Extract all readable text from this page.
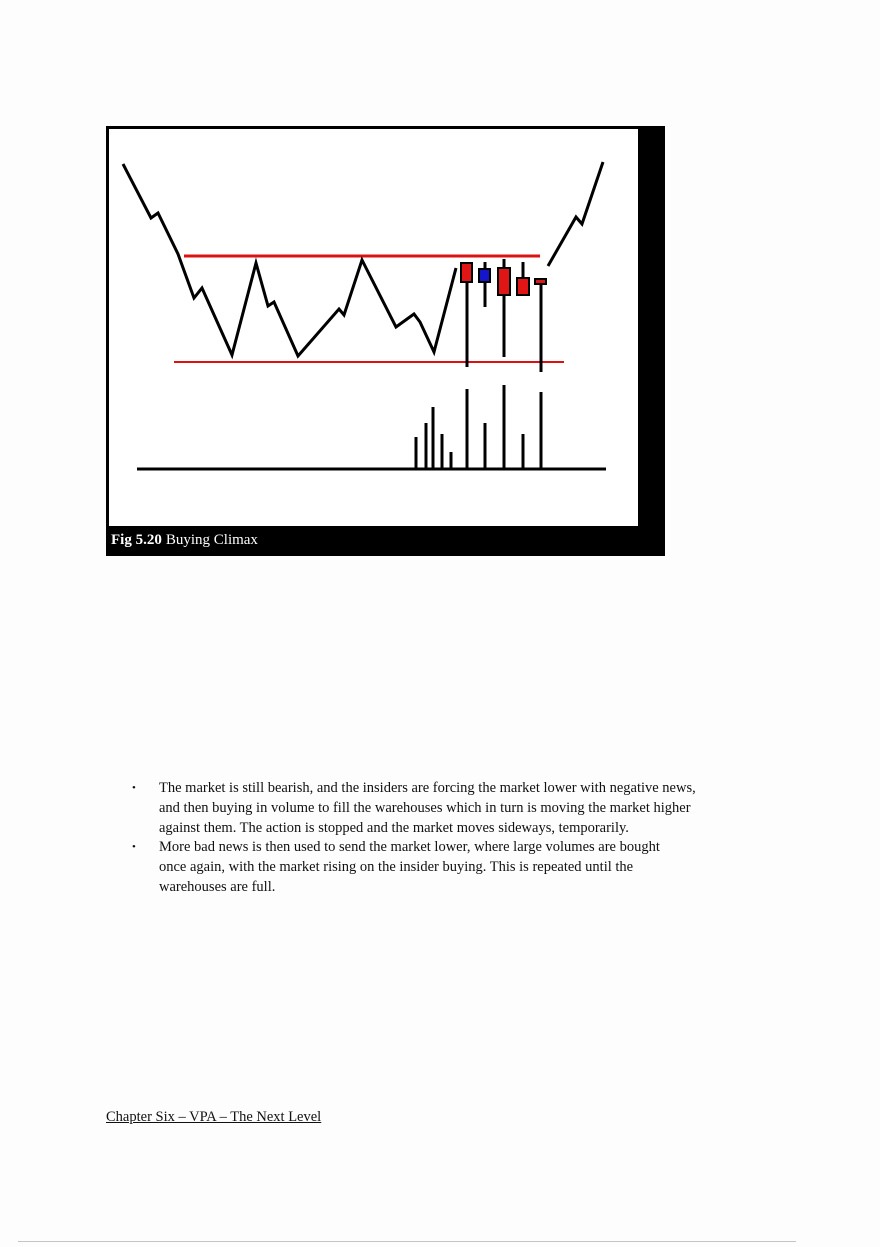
Fig 5.20 Buying Climax
• The market is still bearish, and the insiders are forcing the market lower with negative news,
and then buying in volume to fill the warehouses which in turn is moving the market higher
against them. The action is stopped and the market moves sideways, temporarily.
• More bad news is then used to send the market lower, where large volumes are bought
once again, with the market rising on the insider buying. This is repeated until the
warehouses are full.
Chapter Six – VPA – The Next Level
